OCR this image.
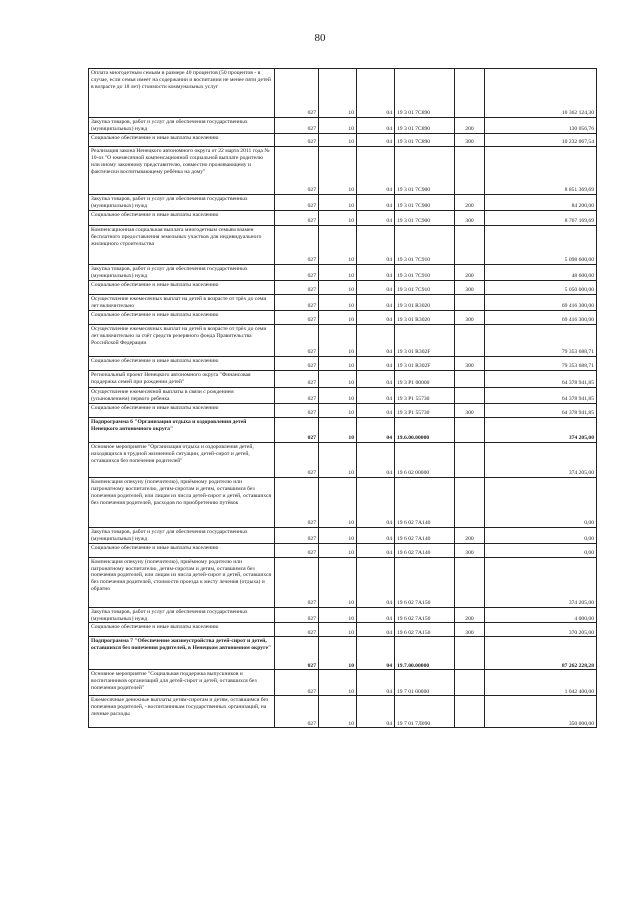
80
Оплата многодетным семьям в размере 40 процентов (50 процентов - в случае, если семья имеет на содержании и воспитании не менее пяти детей в возрасте до 18 лет) стоимости коммунальных услуг	027	10	04	19 3 01 7С890		10 362 124,30
Закупка товаров, работ и услуг для обеспечения государственных (муниципальных) нужд	027	10	04	19 3 01 7С890	200	130 056,76
Социальное обеспечение и иные выплаты населению	027	10	04	19 3 01 7С890	300	10 232 067,54
Реализация закона Ненецкого автономного округа от 22 марта 2011 года № 10-оз "О ежемесячной компенсационной социальной выплате родителю или иному законному представителю, совместно проживающему и фактически воспитывающему ребёнка на дому"	027	10	04	19 3 01 7С900		8 851 369,69
Закупка товаров, работ и услуг для обеспечения государственных (муниципальных) нужд	027	10	04	19 3 01 7С900	200	84 200,00
Социальное обеспечение и иные выплаты населению	027	10	04	19 3 01 7С900	300	8 767 169,69
Компенсационная социальная выплата многодетным семьям взамен бесплатного предоставления земельных участков для индивидуального жилищного строительства	027	10	04	19 3 01 7С910		5 098 600,00
Закупка товаров, работ и услуг для обеспечения государственных (муниципальных) нужд	027	10	04	19 3 01 7С910	200	48 600,00
Социальное обеспечение и иные выплаты населению	027	10	04	19 3 01 7С910	300	5 050 000,00
Осуществление ежемесячных выплат на детей в возрасте от трёх до семи лет включительно	027	10	04	19 3 01 R3020		69 416 300,00
Социальное обеспечение и иные выплаты населению	027	10	04	19 3 01 R3020	300	69 416 300,00
Осуществление ежемесячных выплат на детей в возрасте от трёх до семи лет включительно за счёт средств резервного фонда Правительства Российской Федерации	027	10	04	19 3 01 R302F		79 353 688,71
Социальное обеспечение и иные выплаты населению	027	10	04	19 3 01 R302F	300	79 353 688,71
Региональный проект Ненецкого автономного округа "Финансовая поддержка семей при рождении детей"	027	10	04	19 3 P1 00000		64 378 941,85
Осуществление ежемесячной выплаты в связи с рождением (усыновлением) первого ребенка	027	10	04	19 3 P1 55730		64 378 941,85
Социальное обеспечение и иные выплаты населению	027	10	04	19 3 P1 55730	300	64 378 941,85
Подпрограмма 6 "Организация отдыха и оздоровления детей Ненецкого автономного округа"	027	10	04	19.6.00.00000		374 205,00
Основное мероприятие "Организация отдыха и оздоровления детей, находящихся в трудной жизненной ситуации, детей-сирот и детей, оставшихся без попечения родителей"	027	10	04	19 6 02 00000		374 205,00
Компенсация опекуну (попечителю), приёмному родителю или патронатному воспитателю, детям-сиротам и детям, оставшимся без попечения родителей, или лицам из числа детей-сирот и детей, оставшихся без попечения родителей, расходов по приобретению путёвок	027	10	04	19 6 02 7А140		0,00
Закупка товаров, работ и услуг для обеспечения государственных (муниципальных) нужд	027	10	04	19 6 02 7А140	200	0,00
Социальное обеспечение и иные выплаты населению	027	10	04	19 6 02 7А140	300	0,00
Компенсация опекуну (попечителю), приёмному родителю или патронатному воспитателю, детям-сиротам и детям, оставшимся без попечения родителей, или лицам из числа детей-сирот и детей, оставшихся без попечения родителей, стоимости проезда к месту лечения (отдыха) и обратно	027	10	04	19 6 02 7А150		374 205,00
Закупка товаров, работ и услуг для обеспечения государственных (муниципальных) нужд	027	10	04	19 6 02 7А150	200	4 000,00
Социальное обеспечение и иные выплаты населению	027	10	04	19 6 02 7А150	300	370 205,00
Подпрограмма 7 "Обеспечение жизнеустройства детей-сирот и детей, оставшихся без попечения родителей, в Ненецком автономном округе"	027	10	04	19.7.00.00000		87 262 228,28
Основное мероприятие "Социальная поддержка выпускников и воспитанников организаций для детей-сирот и детей, оставшихся без попечения родителей"	027	10	04	19 7 01 00000		1 042 400,00
Ежемесячные денежные выплаты детям-сиротам и детям, оставшимся без попечения родителей, - воспитанникам государственных организаций, на личные расходы	027	10	04	19 7 01 7Л090		350 000,00
